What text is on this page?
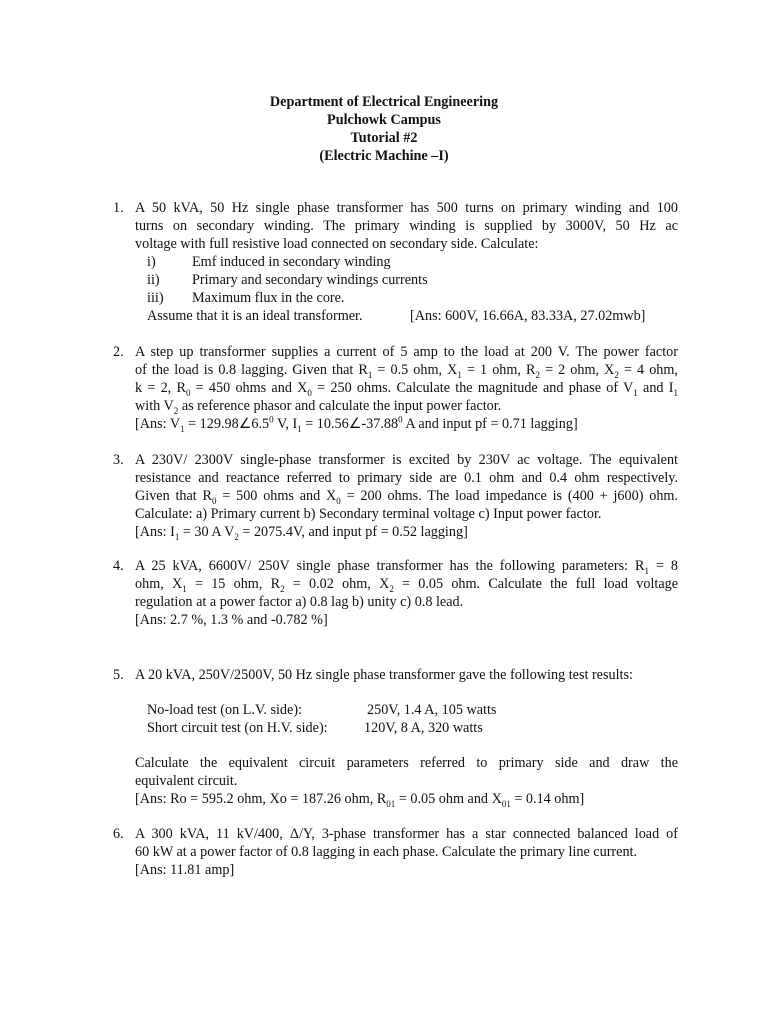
Department of Electrical Engineering
Pulchowk Campus
Tutorial #2
(Electric Machine –I)
1. A 50 kVA, 50 Hz single phase transformer has 500 turns on primary winding and 100
turns on secondary winding. The primary winding is supplied by 3000V, 50 Hz ac
voltage with full resistive load connected on secondary side. Calculate:
i)	Emf induced in secondary winding
ii) Primary and secondary windings currents
iii) Maximum flux in the core.
Assume that it is an ideal transformer.	[Ans: 600V, 16.66A, 83.33A, 27.02mwb]
2. A step up transformer supplies a current of 5 amp to the load at 200 V. The power factor
of the load is 0.8 lagging. Given that $R_1 = 0.5$ ohm, $X_1 = 1$ ohm, $R_2 = 2$ ohm, $X_2 = 4$ ohm,
k = 2, $R_0 = 450$ ohms and $X_0 = 250$ ohms. Calculate the magnitude and phase of $V_1$ and $I_1$
with $V_2$ as reference phasor and calculate the input power factor.
[Ans: $V_1$ = $129.98\angle 6.5^0$ V, $I_1$ = $10.56\angle-37.88^0$ A and input pf = 0.71 lagging]
3. A 230V/ 2300V single-phase transformer is excited by 230V ac voltage. The equivalent
resistance and reactance referred to primary side are 0.1 ohm and 0.4 ohm respectively.
Given that $R_0 = 500$ ohms and $X_0 = 200$ ohms. The load impedance is (400 + j600) ohm.
Calculate: a) Primary current b) Secondary terminal voltage c) Input power factor.
[Ans: $I_1 = 30$ A $V_2 = 2075.4V$, and input pf = 0.52 lagging]
4. A 25 kVA, 6600V/ 250V single phase transformer has the following parameters: $R_1 = 8$
ohm, $X_1 = 15$ ohm, $R_2 = 0.02$ ohm, $X_2 = 0.05$ ohm. Calculate the full load voltage
regulation at a power factor a) 0.8 lag b) unity c) 0.8 lead.
[Ans: 2.7 %, 1.3 % and -0.782 %]
5. A 20 kVA, 250V/2500V, 50 Hz single phase transformer gave the following test results:
No-load test (on L.V. side):	250V, 1.4 A, 105 watts
Short circuit test (on H.V. side):	120V, 8 A, 320 watts
Calculate the equivalent circuit parameters referred to primary side and draw the
equivalent circuit.
[Ans: Ro = 595.2 ohm, Xo = 187.26 ohm, $R_{01} = 0.05$ ohm and $X_{01} = 0.14$ ohm]
6. A 300 kVA, 11 kV/400, Δ/Y, 3-phase transformer has a star connected balanced load of
60 kW at a power factor of 0.8 lagging in each phase. Calculate the primary line current.
[Ans: 11.81 amp]
